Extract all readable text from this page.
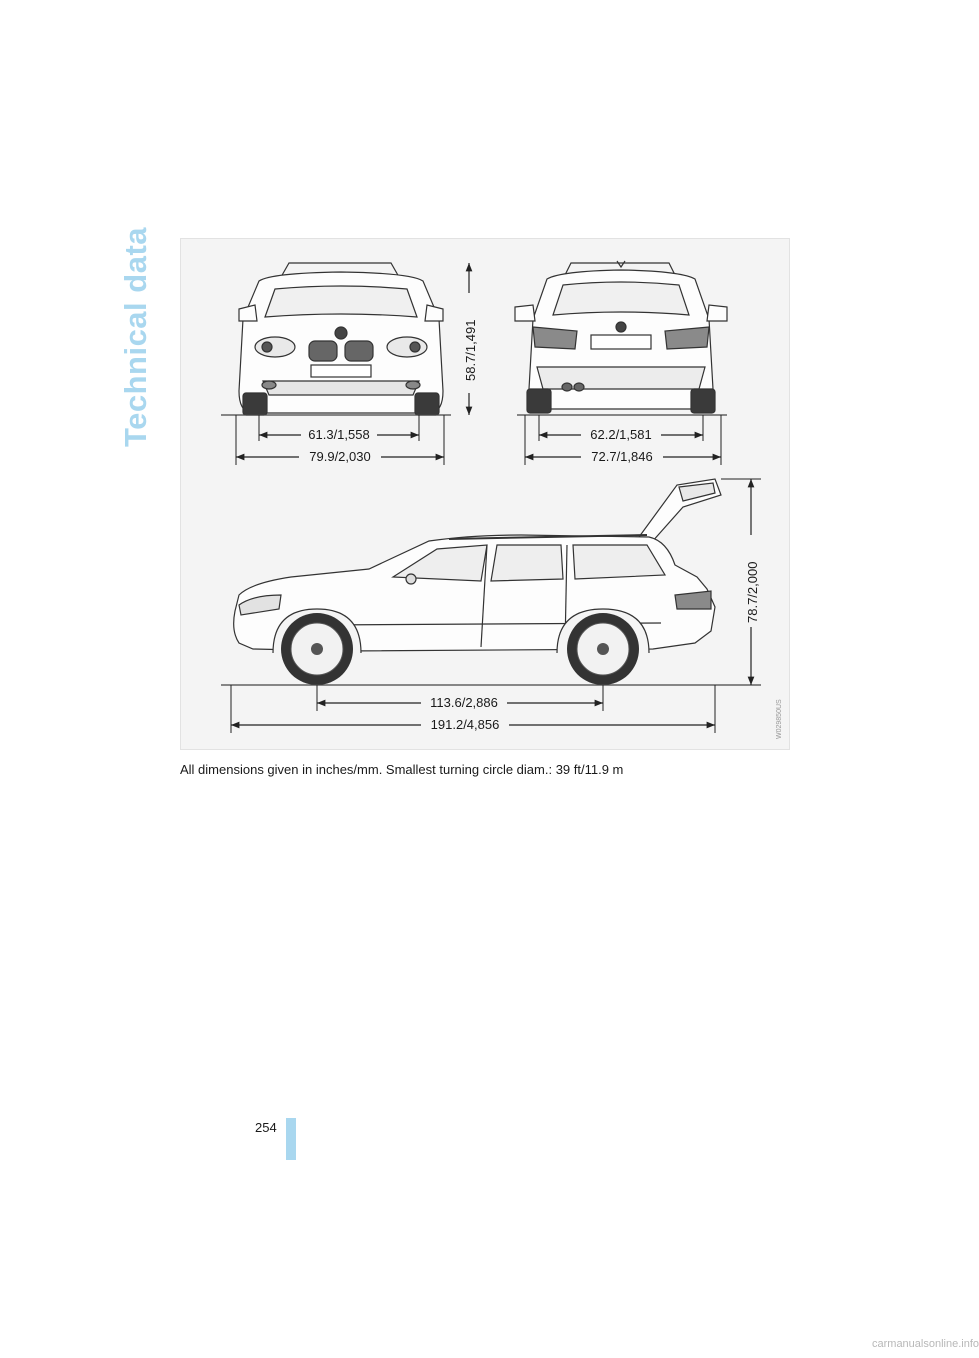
Technical data	58.7/1,491
61.3/1,558
79.9/2,030
62.2/1,581
72.7/1,846
78.7/2,000
113.6/2,886
191.2/4,856	W029850US
All dimensions given in inches/mm. Smallest turning circle diam.: 39 ft/11.9 m
254
carmanualsonline.info
